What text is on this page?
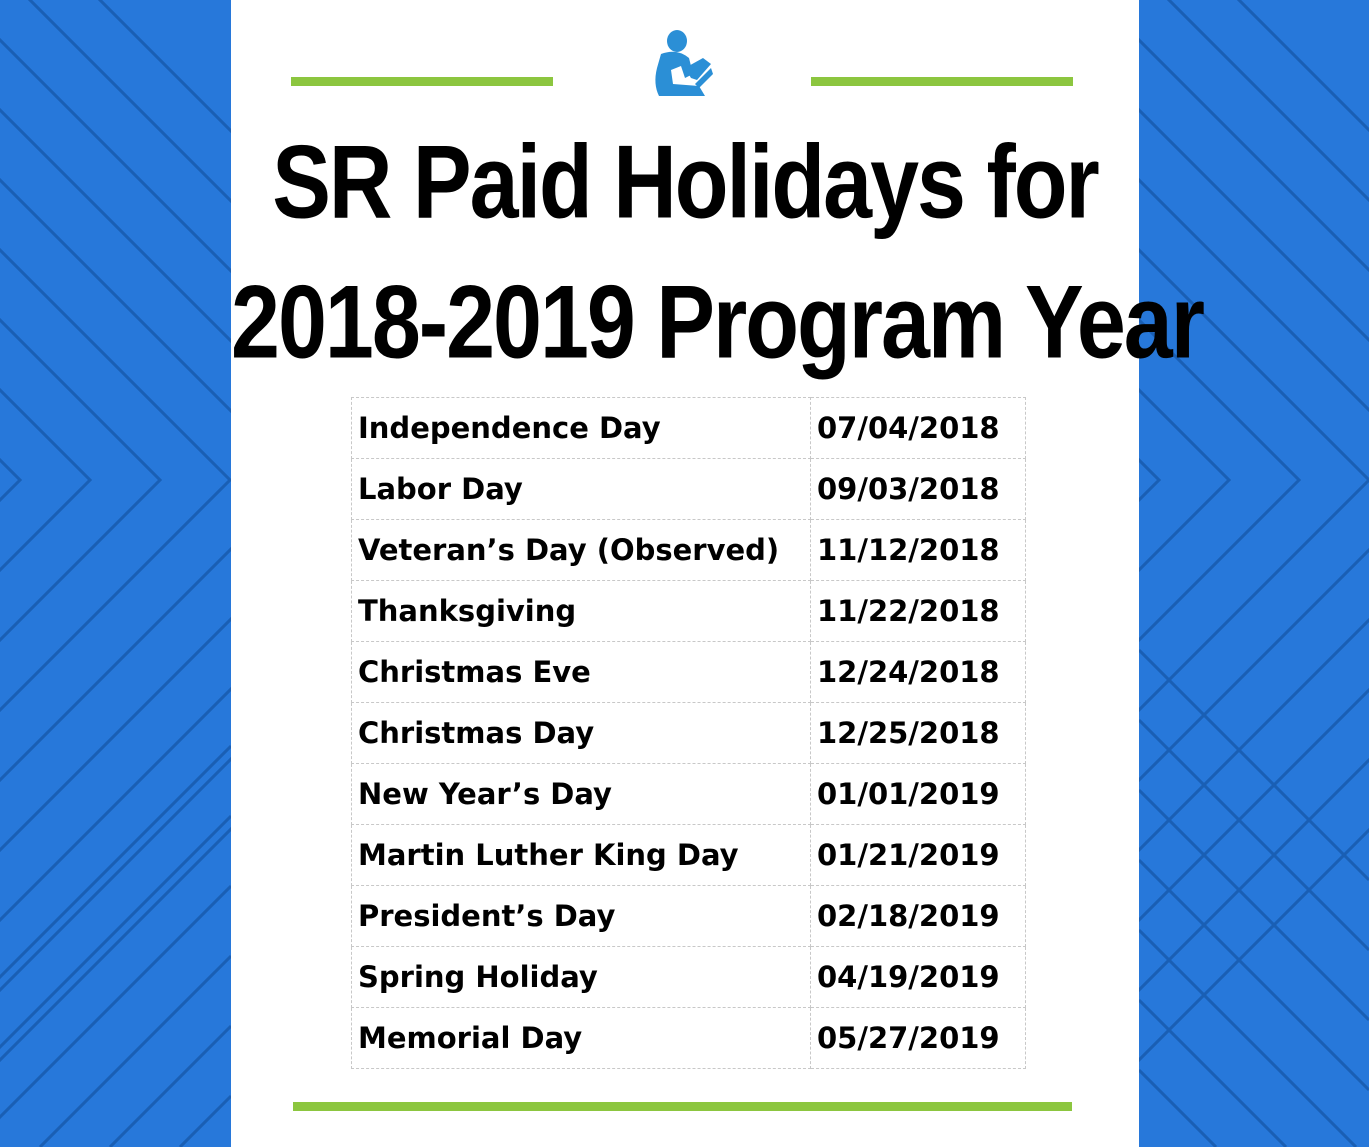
SR Paid Holidays for
2018-2019 Program Year
Independence Day	07/04/2018
Labor Day	09/03/2018
Veteran’s Day (Observed)	11/12/2018
Thanksgiving	11/22/2018
Christmas Eve	12/24/2018
Christmas Day	12/25/2018
New Year’s Day	01/01/2019
Martin Luther King Day	01/21/2019
President’s Day	02/18/2019
Spring Holiday	04/19/2019
Memorial Day	05/27/2019
